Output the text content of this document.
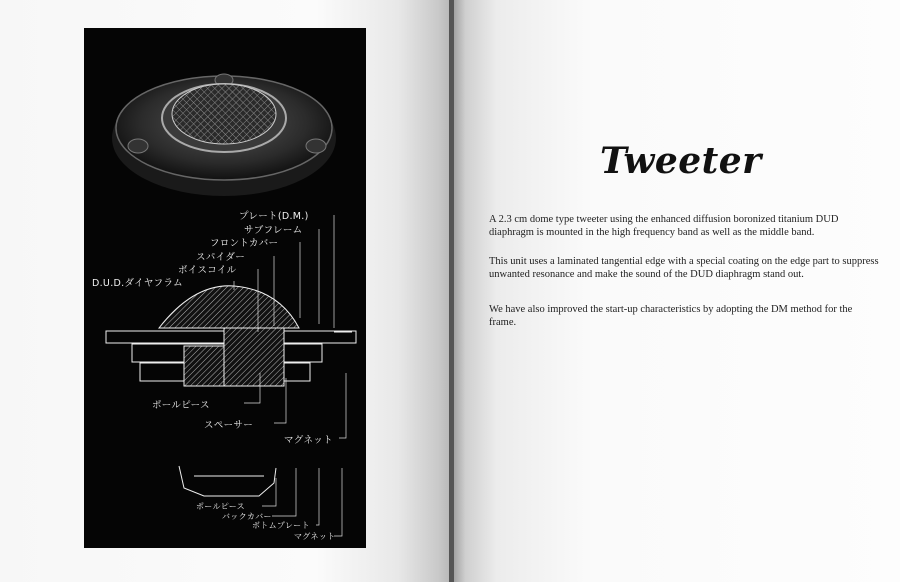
プレート(D.M.)
サブフレーム
フロントカバー
スパイダー
ボイスコイル
D.U.D.ダイヤフラム
ポールピース
スペーサー
マグネット
ポールピース
バックカバー
ボトムプレート
マグネット
Tweeter

A 2.3 cm dome type tweeter using the enhanced diffusion boronized titanium DUD diaphragm is mounted in the high frequency band as well as the middle band.

This unit uses a laminated tangential edge with a special coating on the edge part to suppress unwanted resonance and make the sound of the DUD diaphragm stand out.

We have also improved the start-up characteristics by adopting the DM method for the frame.
